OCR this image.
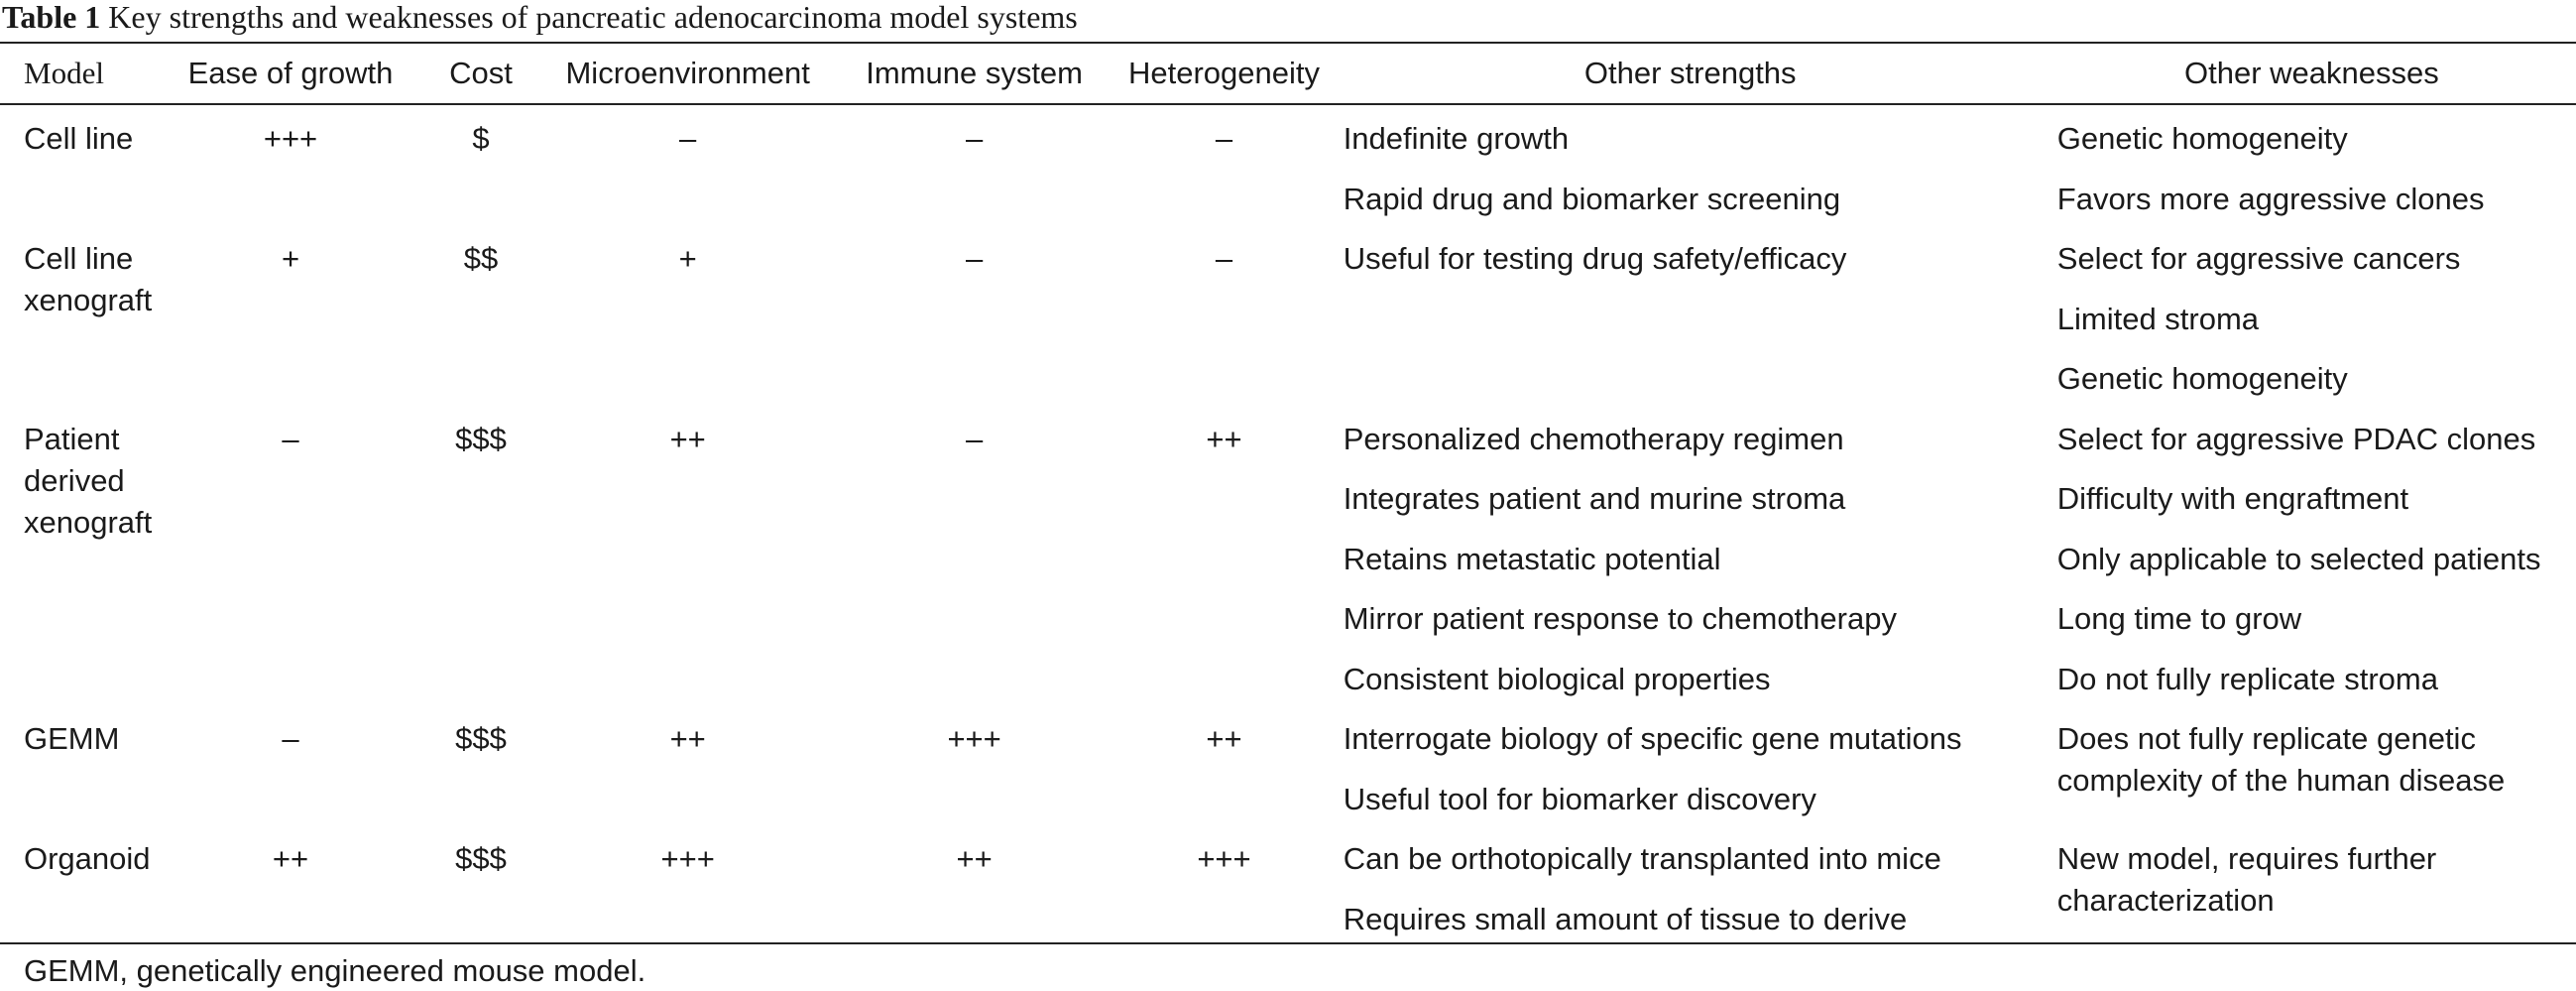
Table 1 Key strengths and weaknesses of pancreatic adenocarcinoma model systems
Model	Ease of growth	Cost	Microenvironment	Immune system	Heterogeneity	Other strengths	Other weaknesses

Cell line	+++	$	–	–	–	Indefinite growth	Genetic homogeneity
						Rapid drug and biomarker screening	Favors more aggressive clones

Cell line xenograft	+	$$	+	–	–	Useful for testing drug safety/efficacy	Select for aggressive cancers
							Limited stroma
							Genetic homogeneity

Patient derived xenograft	–	$$$	++	–	++	Personalized chemotherapy regimen	Select for aggressive PDAC clones
						Integrates patient and murine stroma	Difficulty with engraftment
						Retains metastatic potential	Only applicable to selected patients
						Mirror patient response to chemotherapy	Long time to grow
						Consistent biological properties	Do not fully replicate stroma

GEMM	–	$$$	++	+++	++	Interrogate biology of specific gene mutations	Does not fully replicate genetic complexity of the human disease
						Useful tool for biomarker discovery	

Organoid	++	$$$	+++	++	+++	Can be orthotopically transplanted into mice	New model, requires further characterization
						Requires small amount of tissue to derive	
GEMM, genetically engineered mouse model.
